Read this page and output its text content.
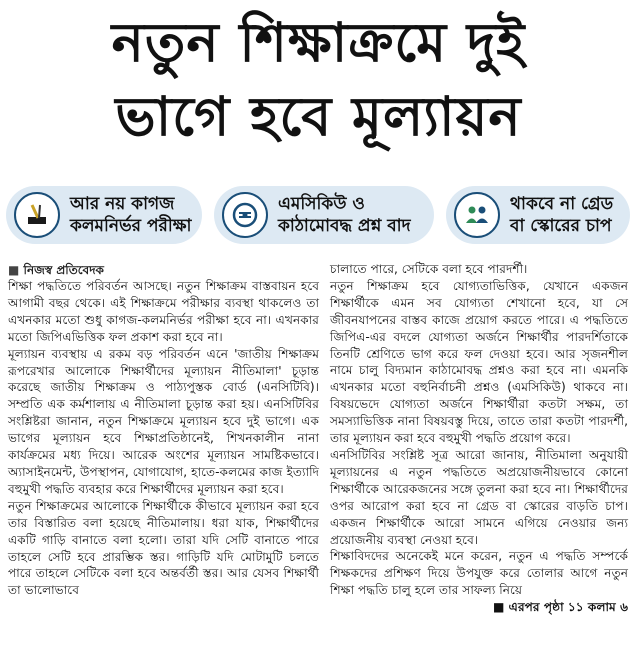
নতুন শিক্ষাক্রমে দুই
ভাগে হবে মূল্যায়ন
আর নয় কাগজ
কলমনির্ভর পরীক্ষা
এমসিকিউ ও
কাঠামোবদ্ধ প্রশ্ন বাদ
থাকবে না গ্রেড
বা স্কোরের চাপ
■ নিজস্ব প্রতিবেদক

শিক্ষা পদ্ধতিতে পরিবর্তন আসছে। নতুন শিক্ষাক্রম বাস্তবায়ন হবে আগামী বছর থেকে। এই শিক্ষাক্রমে পরীক্ষার ব্যবস্থা থাকলেও তা এখনকার মতো শুধু কাগজ-কলমনির্ভর পরীক্ষা হবে না। এখনকার মতো জিপিএভিত্তিক ফল প্রকাশ করা হবে না।

মূল্যায়ন ব্যবস্থায় এ রকম বড় পরিবর্তন এনে 'জাতীয় শিক্ষাক্রম রূপরেখার আলোকে শিক্ষার্থীদের মূল্যায়ন নীতিমালা' চূড়ান্ত করেছে জাতীয় শিক্ষাক্রম ও পাঠ্যপুস্তক বোর্ড (এনসিটিবি)। সম্প্রতি এক কর্মশালায় এ নীতিমালা চূড়ান্ত করা হয়। এনসিটিবির সংশ্লিষ্টরা জানান, নতুন শিক্ষাক্রমে মূল্যায়ন হবে দুই ভাগে। এক ভাগের মূল্যায়ন হবে শিক্ষাপ্রতিষ্ঠানেই, শিখনকালীন নানা কার্যক্রমের মধ্য দিয়ে। আরেক অংশের মূল্যায়ন সামষ্টিকভাবে। অ্যাসাইনমেন্ট, উপস্থাপন, যোগাযোগ, হাতে-কলমের কাজ ইত্যাদি বহুমুখী পদ্ধতি ব্যবহার করে শিক্ষার্থীদের মূল্যায়ন করা হবে।

নতুন শিক্ষাক্রমের আলোকে শিক্ষার্থীকে কীভাবে মূল্যায়ন করা হবে তার বিস্তারিত বলা হয়েছে নীতিমালায়। ধরা যাক, শিক্ষার্থীদের একটি গাড়ি বানাতে বলা হলো। তারা যদি সেটি বানাতে পারে তাহলে সেটি হবে প্রারম্ভিক স্তর। গাড়িটি যদি মোটামুটি চলতে পারে তাহলে সেটিকে বলা হবে অন্তর্বর্তী স্তর। আর যেসব শিক্ষার্থী তা ভালোভাবে

চালাতে পারে, সেটিকে বলা হবে পারদর্শী।

নতুন শিক্ষাক্রম হবে যোগ্যতাভিত্তিক, যেখানে একজন শিক্ষার্থীকে এমন সব যোগ্যতা শেখানো হবে, যা সে জীবনযাপনের বাস্তব কাজে প্রয়োগ করতে পারে। এ পদ্ধতিতে জিপিএ-এর বদলে যোগ্যতা অর্জনে শিক্ষার্থীর পারদর্শিতাকে তিনটি শ্রেণিতে ভাগ করে ফল দেওয়া হবে। আর সৃজনশীল নামে চালু বিদ্যমান কাঠামোবদ্ধ প্রশ্নও করা হবে না। এমনকি এখনকার মতো বহুনির্বাচনী প্রশ্নও (এমসিকিউ) থাকবে না। বিষয়ভেদে যোগ্যতা অর্জনে শিক্ষার্থীরা কতটা সক্ষম, তা সমস্যাভিত্তিক নানা বিষয়বস্তু দিয়ে, তাতে তারা কতটা পারদর্শী, তার মূল্যায়ন করা হবে বহুমুখী পদ্ধতি প্রয়োগ করে।

এনসিটিবির সংশ্লিষ্ট সূত্র আরো জানায়, নীতিমালা অনুযায়ী মূল্যায়নের এ নতুন পদ্ধতিতে অপ্রয়োজনীয়ভাবে কোনো শিক্ষার্থীকে আরেকজনের সঙ্গে তুলনা করা হবে না। শিক্ষার্থীদের ওপর আরোপ করা হবে না গ্রেড বা স্কোরের বাড়তি চাপ। একজন শিক্ষার্থীকে আরো সামনে এগিয়ে নেওয়ার জন্য প্রয়োজনীয় ব্যবস্থা নেওয়া হবে।

শিক্ষাবিদদের অনেকেই মনে করেন, নতুন এ পদ্ধতি সম্পর্কে শিক্ষকদের প্রশিক্ষণ দিয়ে উপযুক্ত করে তোলার আগে নতুন শিক্ষা পদ্ধতি চালু হলে তার সাফল্য নিয়ে

■ এরপর পৃষ্ঠা ১১ কলাম ৬
